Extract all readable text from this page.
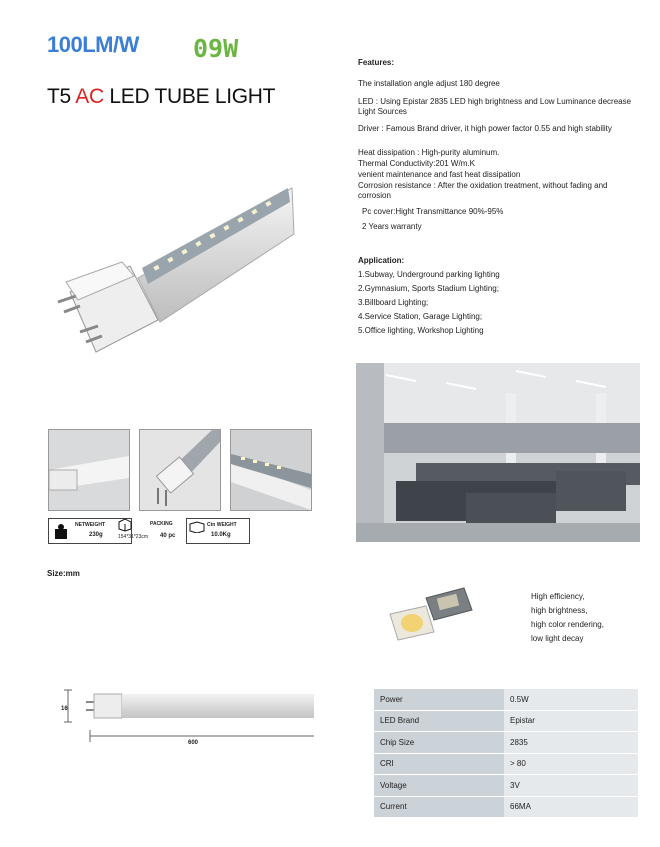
100LM/W 09W
T5 AC LED TUBE LIGHT
Features:
The installation angle adjust 180 degree
LED : Using Epistar 2835 LED high brightness and Low Luminance decrease Light Sources
Driver : Famous Brand driver, it high power factor 0.55 and high stability
Heat dissipation : High-purity aluminum.
Thermal Conductivity:201 W/m.K
venient maintenance and fast heat dissipation
Corrosion resistance : After the oxidation treatment, without fading and corrosion
Pc cover:Hight Transmittance 90%-95%
2 Years warranty
Application:
1.Subway, Underground parking lighting
2.Gymnasium, Sports Stadium Lighting;
3.Billboard Lighting;
4.Service Station, Garage Lighting;
5.Office lighting, Workshop Lighting
NETWEIGHT
230g
PACKING
154*31*23cm 40 pc
Ctn WEIGHT
10.0Kg
Size:mm
16
600
High efficiency,
high brightness,
high color rendering,
low light decay
Power	0.5W
LED Brand	Epistar
Chip Size	2835
CRI	> 80
Voltage	3V
Current	66MA
